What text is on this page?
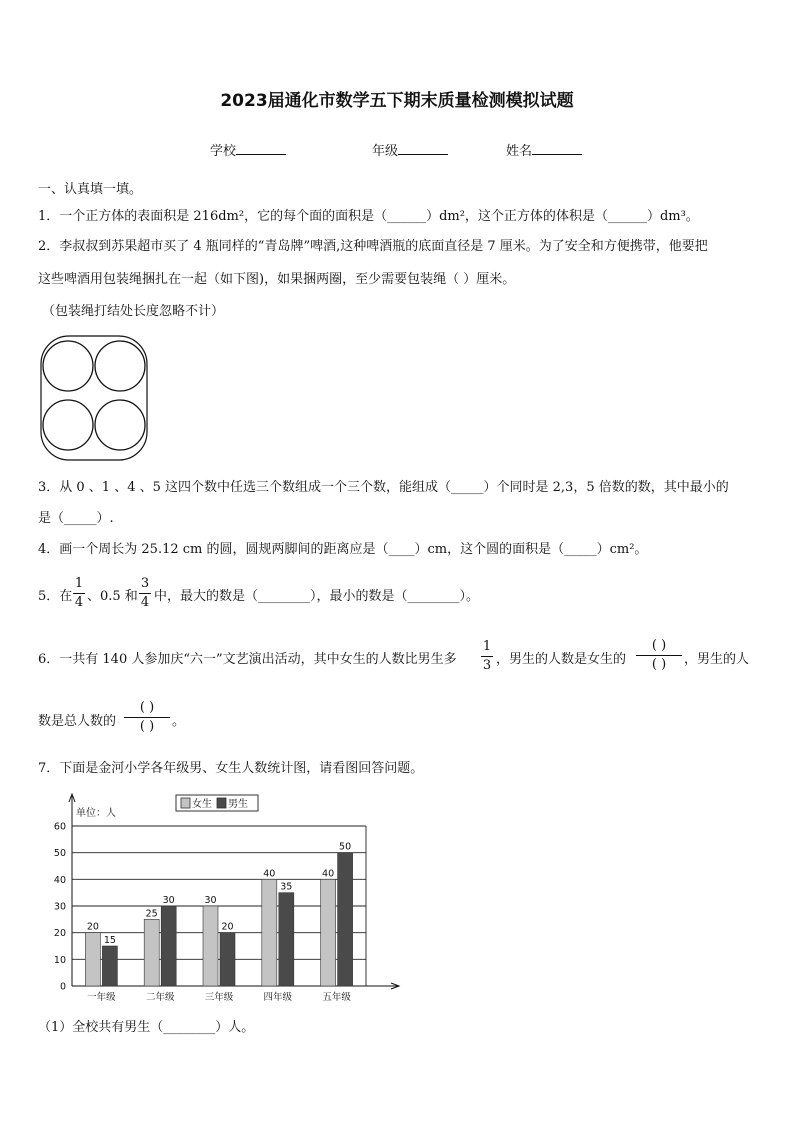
2023届通化市数学五下期末质量检测模拟试题
学校	年级	姓名
一、认真填一填。
1．一个正方体的表面积是 216dm²，它的每个面的面积是（______）dm²，这个正方体的体积是（______）dm³。
2．李叔叔到苏果超市买了 4 瓶同样的“青岛牌”啤酒,这种啤酒瓶的底面直径是 7 厘米。为了安全和方便携带，他要把
这些啤酒用包装绳捆扎在一起（如下图)，如果捆两圈，至少需要包装绳（ ）厘米。
（包装绳打结处长度忽略不计）
3．从 0 、1 、4 、5 这四个数中任选三个数组成一个三个数，能组成（_____）个同时是 2,3，5 倍数的数，其中最小的
是（_____）.
4．画一个周长为 25.12 cm 的圆，圆规两脚间的距离应是（____）cm，这个圆的面积是（_____）cm²。
5．在
1
4 、0.5 和
3
4 中，最大的数是（________），最小的数是（________）。
6．一共有 140 人参加庆“六一”文艺演出活动，其中女生的人数比男生多
1
3 ，男生的人数是女生的
( )
( )	，男生的人
数是总人数的
( )
( )	。
7．下面是金河小学各年级男、女生人数统计图，请看图回答问题。
单位：人
0
10
20
30
40
50
60
20
15
一年级
25
30
二年级
30
20
三年级
40
35
四年级
40
50
五年级
女生 男生
（1）全校共有男生（________）人。
